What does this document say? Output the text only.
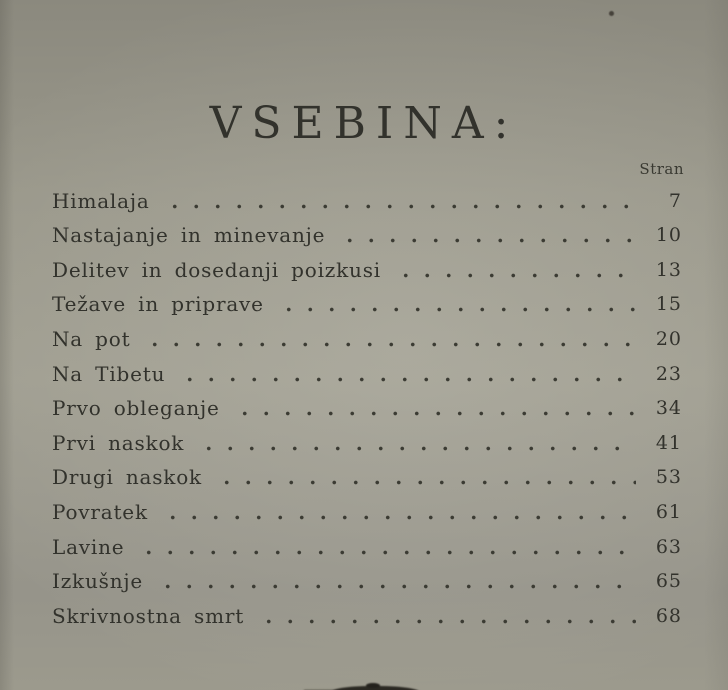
VSEBINA:
Stran
Himalaja	7
Nastajanje in minevanje	10
Delitev in dosedanji poizkusi	13
Težave in priprave	15
Na pot	20
Na Tibetu	23
Prvo obleganje	34
Prvi naskok	41
Drugi naskok	53
Povratek	61
Lavine	63
Izkušnje	65
Skrivnostna smrt	68
